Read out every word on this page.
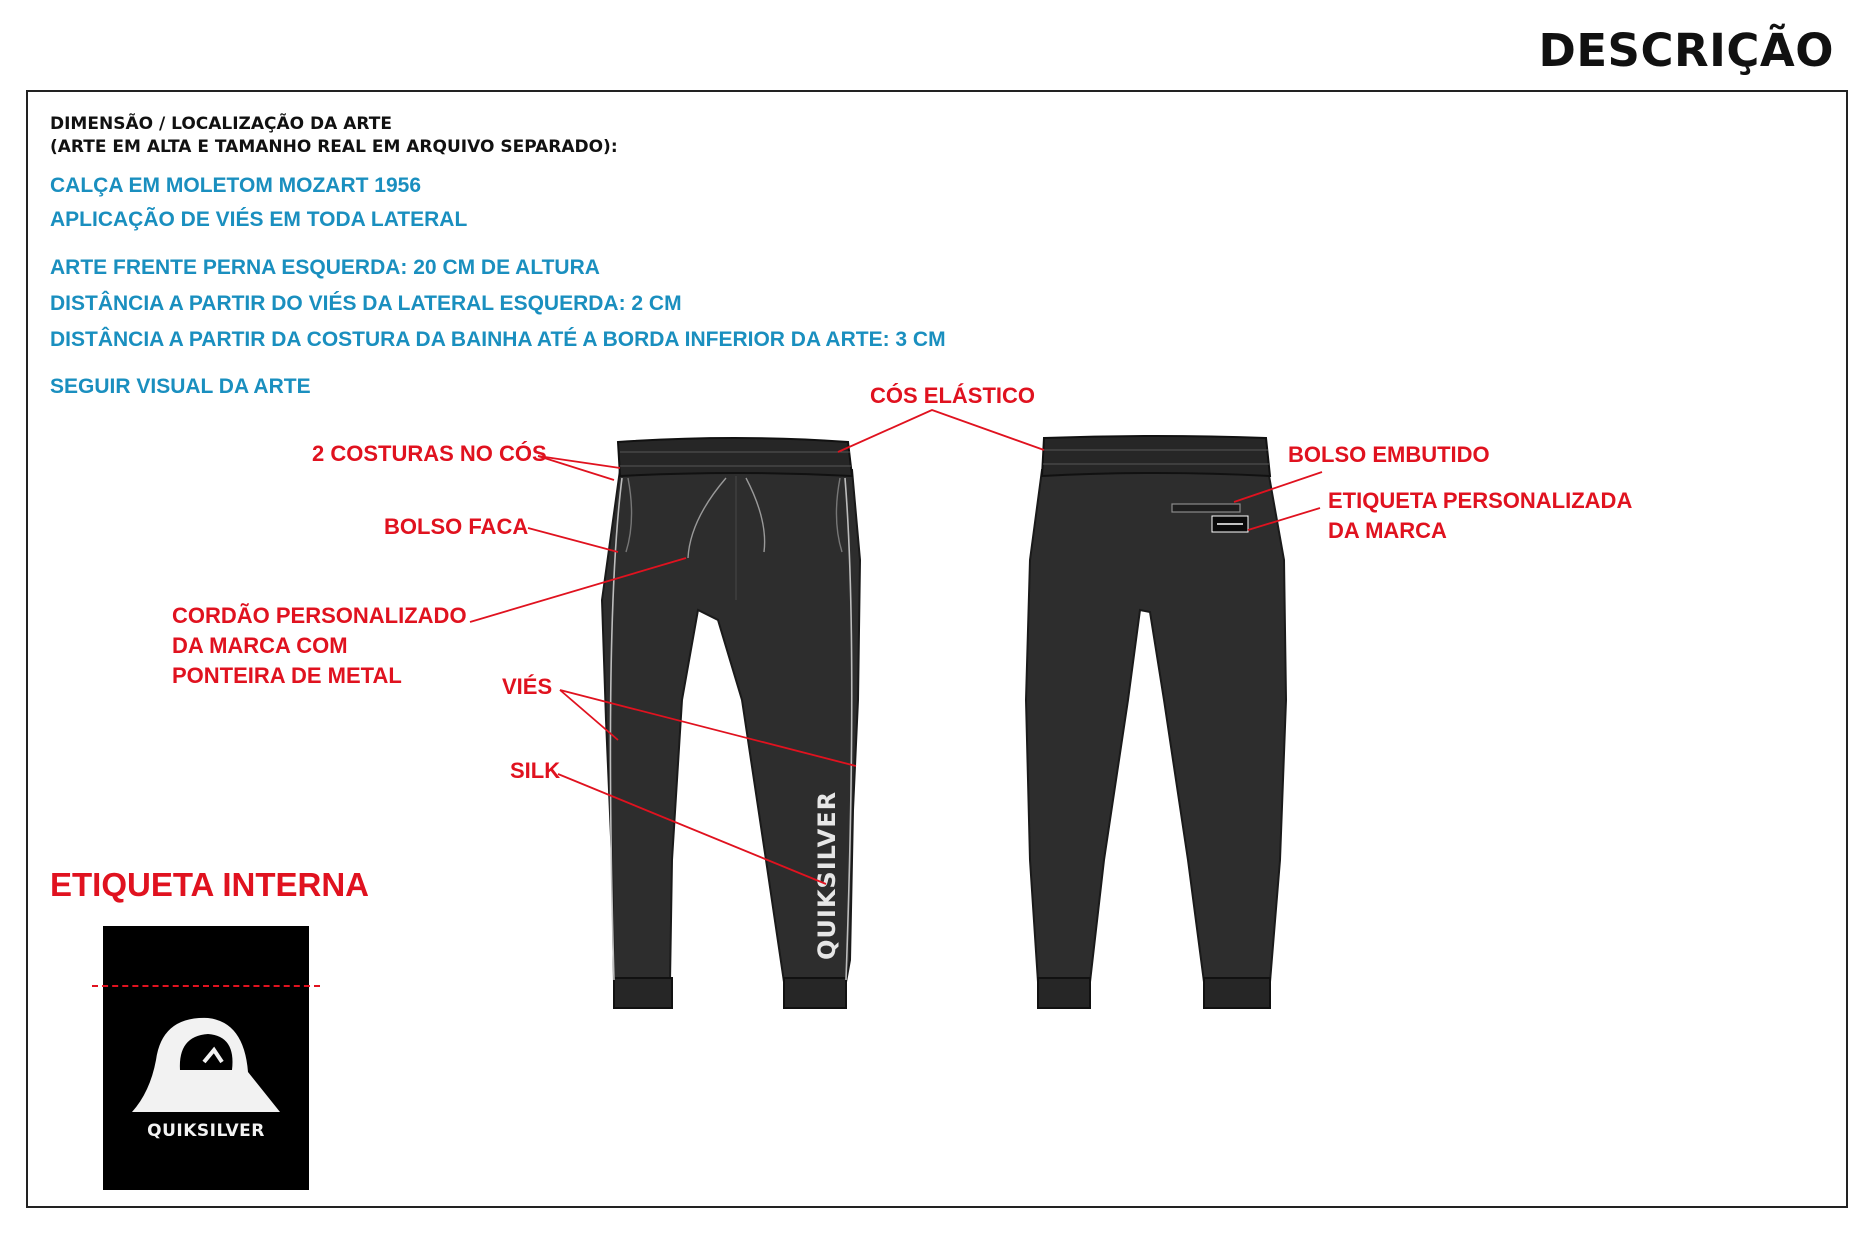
DESCRIÇÃO
DIMENSÃO / LOCALIZAÇÃO DA ARTE
(ARTE EM ALTA E TAMANHO REAL EM ARQUIVO SEPARADO):
CALÇA EM MOLETOM MOZART 1956
APLICAÇÃO DE VIÉS EM TODA LATERAL
ARTE FRENTE PERNA ESQUERDA: 20 CM DE ALTURA
DISTÂNCIA A PARTIR DO VIÉS DA LATERAL ESQUERDA: 2 CM
DISTÂNCIA A PARTIR DA COSTURA DA BAINHA ATÉ A BORDA INFERIOR DA ARTE: 3 CM
SEGUIR VISUAL DA ARTE
QUIKSILVER
CÓS ELÁSTICO
2 COSTURAS NO CÓS
BOLSO FACA
CORDÃO PERSONALIZADO
DA MARCA COM
PONTEIRA DE METAL	VIÉS
SILK
BOLSO EMBUTIDO
ETIQUETA PERSONALIZADA
DA MARCA
ETIQUETA INTERNA
QUIKSILVER
